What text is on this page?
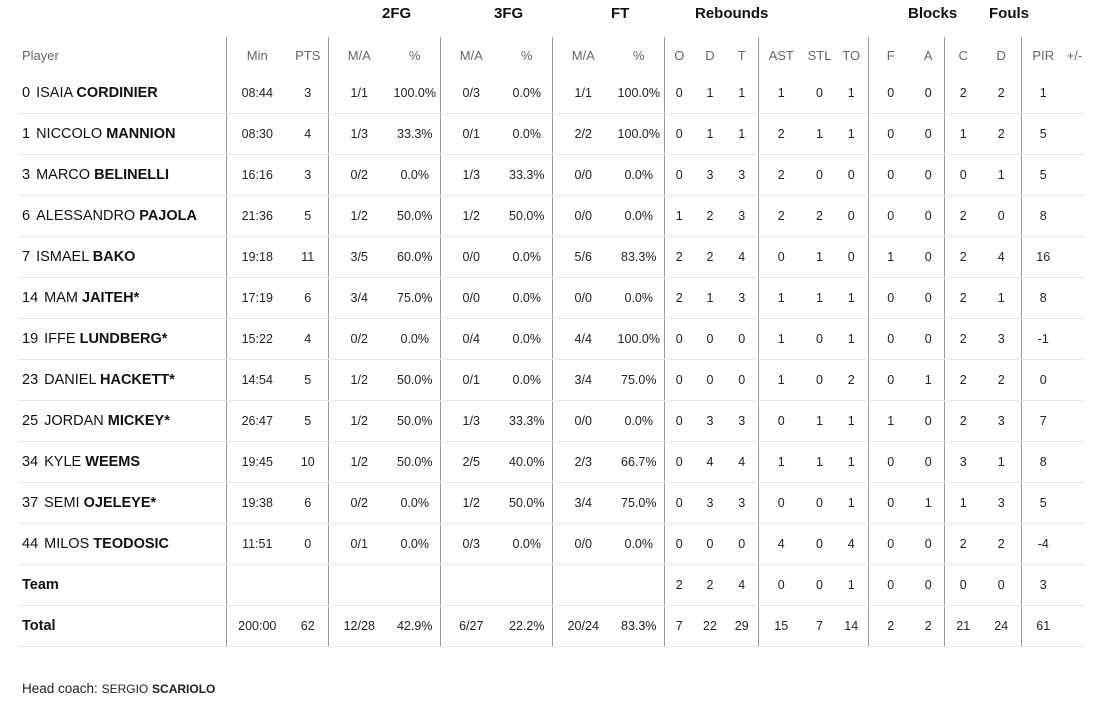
2FG	3FG	FT	Rebounds	Blocks Fouls
Player	Min	PTS	M/A	%	M/A	%	M/A	%	O	D	T	AST	STL	TO	F	A	C	D	PIR	+/-
0 ISAIA CORDINIER	08:44	3	1/1	100.0%	0/3	0.0%	1/1	100.0%	0	1	1	1	0	1	0	0	2	2	1	
1 NICCOLO MANNION	08:30	4	1/3	33.3%	0/1	0.0%	2/2	100.0%	0	1	1	2	1	1	0	0	1	2	5	
3 MARCO BELINELLI	16:16	3	0/2	0.0%	1/3	33.3%	0/0	0.0%	0	3	3	2	0	0	0	0	0	1	5	
6 ALESSANDRO PAJOLA	21:36	5	1/2	50.0%	1/2	50.0%	0/0	0.0%	1	2	3	2	2	0	0	0	2	0	8	
7 ISMAEL BAKO	19:18	11	3/5	60.0%	0/0	0.0%	5/6	83.3%	2	2	4	0	1	0	1	0	2	4	16	
14 MAM JAITEH*	17:19	6	3/4	75.0%	0/0	0.0%	0/0	0.0%	2	1	3	1	1	1	0	0	2	1	8	
19 IFFE LUNDBERG*	15:22	4	0/2	0.0%	0/4	0.0%	4/4	100.0%	0	0	0	1	0	1	0	0	2	3	-1	
23 DANIEL HACKETT*	14:54	5	1/2	50.0%	0/1	0.0%	3/4	75.0%	0	0	0	1	0	2	0	1	2	2	0	
25 JORDAN MICKEY*	26:47	5	1/2	50.0%	1/3	33.3%	0/0	0.0%	0	3	3	0	1	1	1	0	2	3	7	
34 KYLE WEEMS	19:45	10	1/2	50.0%	2/5	40.0%	2/3	66.7%	0	4	4	1	1	1	0	0	3	1	8	
37 SEMI OJELEYE*	19:38	6	0/2	0.0%	1/2	50.0%	3/4	75.0%	0	3	3	0	0	1	0	1	1	3	5	
44 MILOS TEODOSIC	11:51	0	0/1	0.0%	0/3	0.0%	0/0	0.0%	0	0	0	4	0	4	0	0	2	2	-4	
Team									2	2	4	0	0	1	0	0	0	0	3	
Total	200:00	62	12/28	42.9%	6/27	22.2%	20/24	83.3%	7	22	29	15	7	14	2	2	21	24	61	
Head coach: SERGIO SCARIOLO
